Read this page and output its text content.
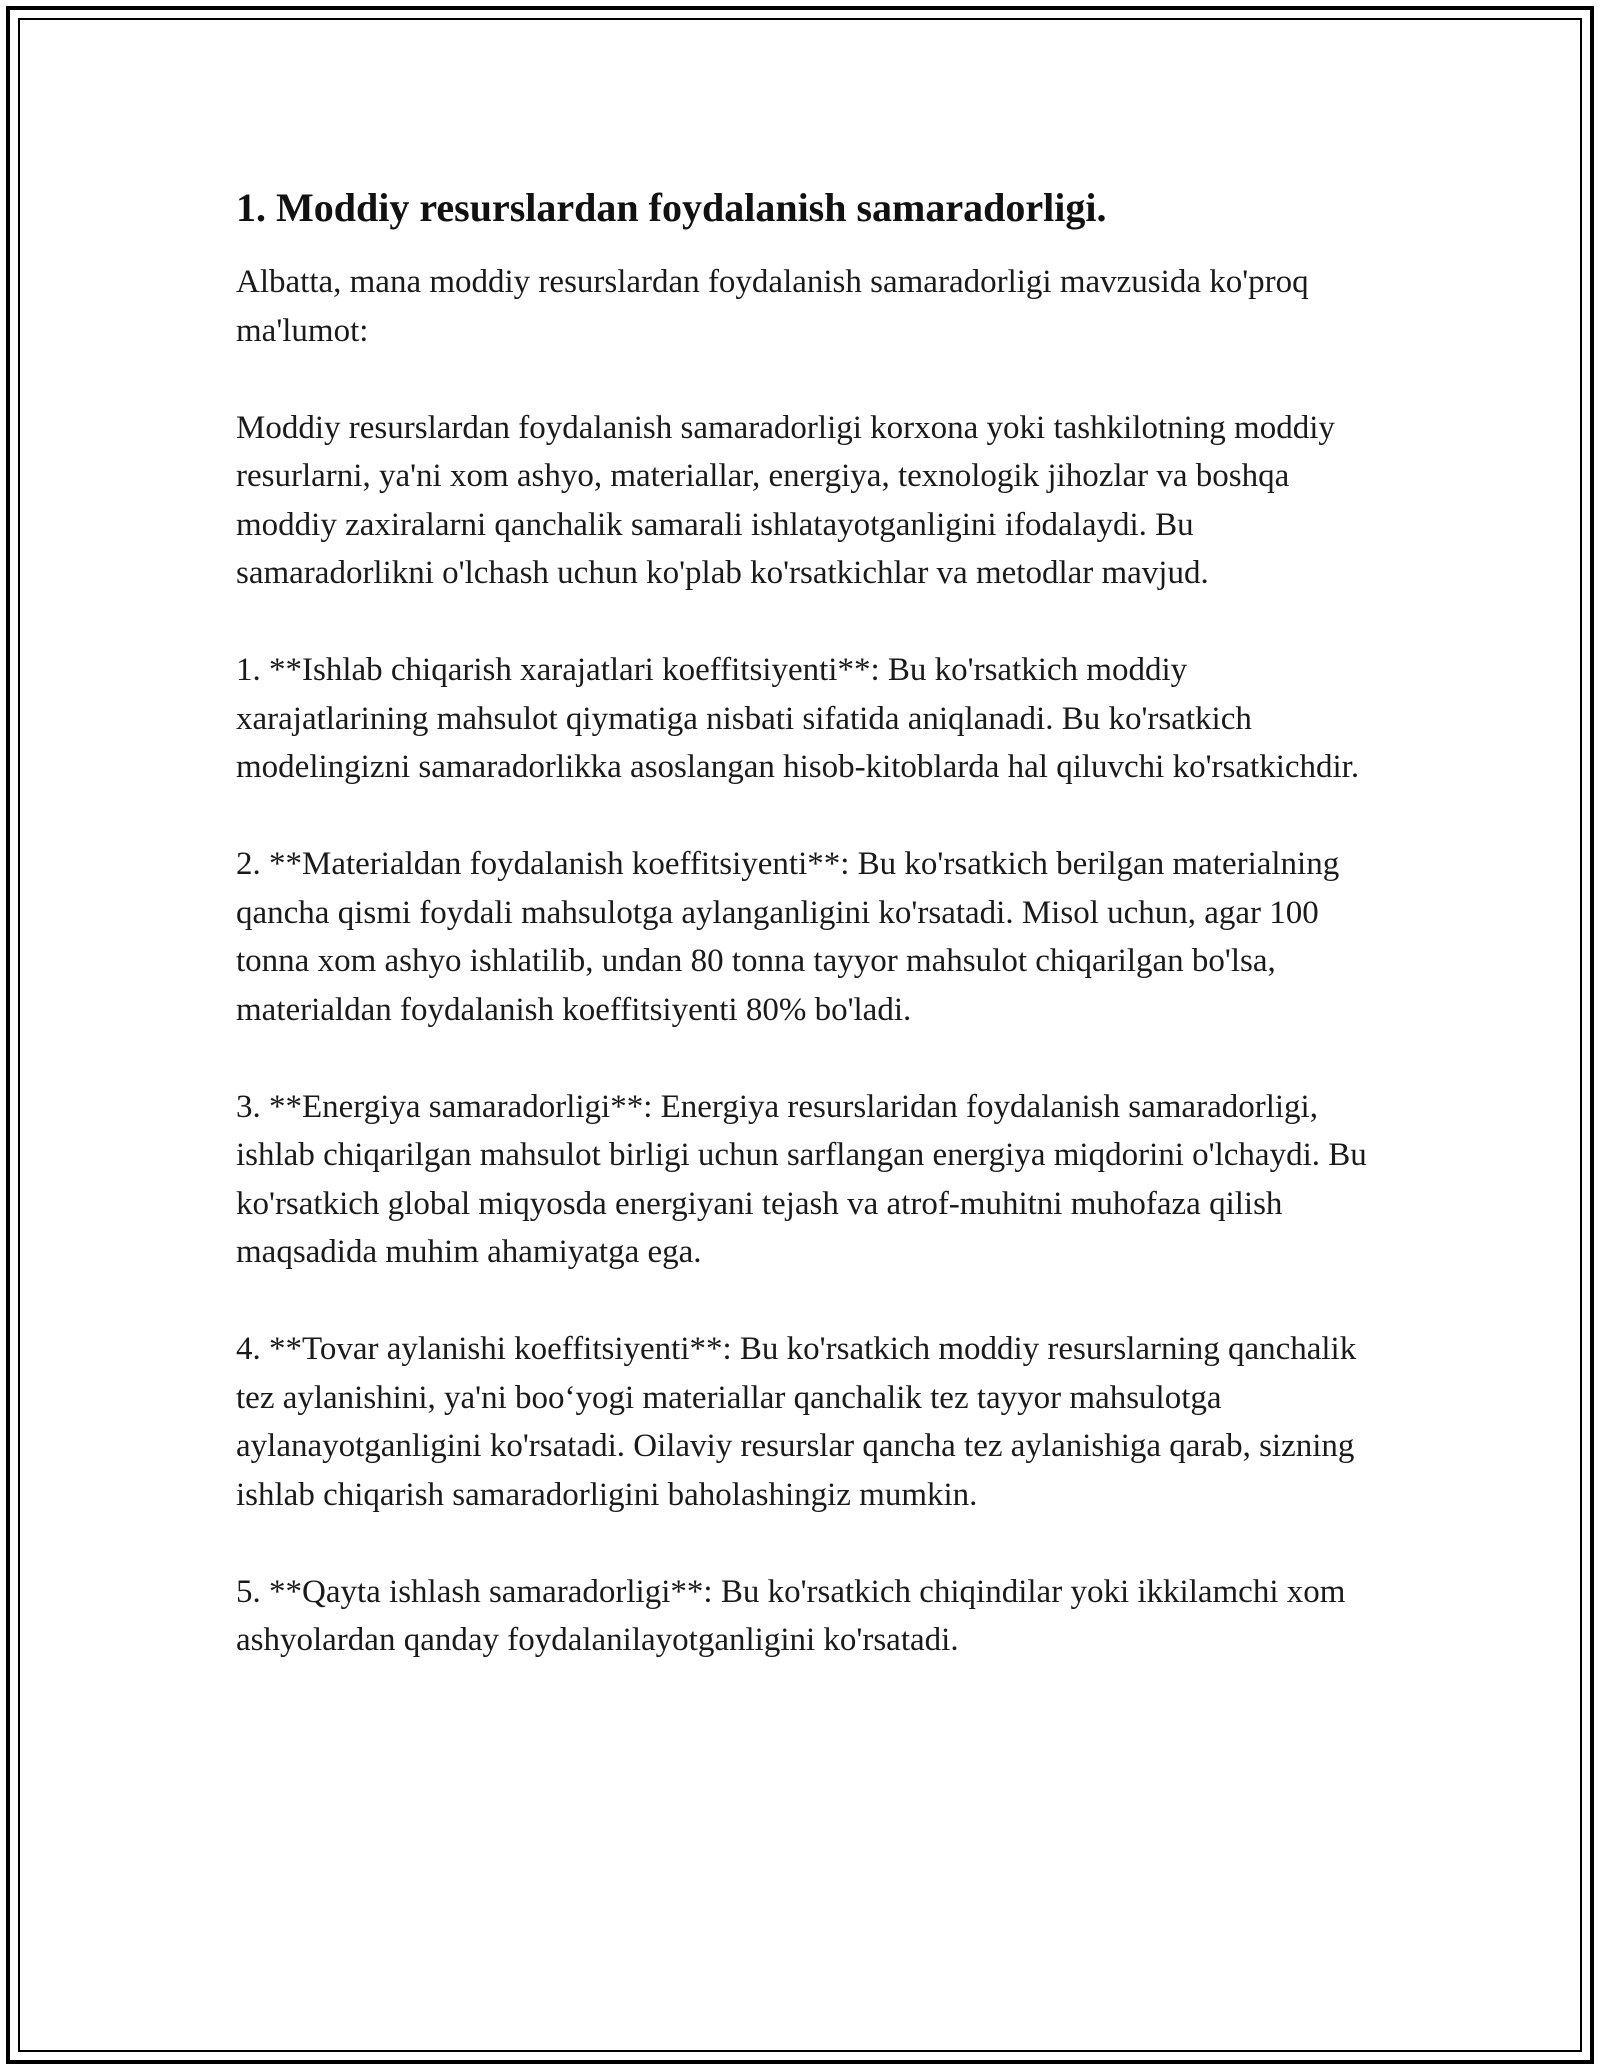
1. Moddiy resurslardan foydalanish samaradorligi.

Albatta, mana moddiy resurslardan foydalanish samaradorligi mavzusida ko'proq ma'lumot:

Moddiy resurslardan foydalanish samaradorligi korxona yoki tashkilotning moddiy resurlarni, ya'ni xom ashyo, materiallar, energiya, texnologik jihozlar va boshqa moddiy zaxiralarni qanchalik samarali ishlatayotganligini ifodalaydi. Bu samaradorlikni o'lchash uchun ko'plab ko'rsatkichlar va metodlar mavjud.

1. **Ishlab chiqarish xarajatlari koeffitsiyenti**: Bu ko'rsatkich moddiy xarajatlarining mahsulot qiymatiga nisbati sifatida aniqlanadi. Bu ko'rsatkich modelingizni samaradorlikka asoslangan hisob-kitoblarda hal qiluvchi ko'rsatkichdir.

2. **Materialdan foydalanish koeffitsiyenti**: Bu ko'rsatkich berilgan materialning qancha qismi foydali mahsulotga aylanganligini ko'rsatadi. Misol uchun, agar 100 tonna xom ashyo ishlatilib, undan 80 tonna tayyor mahsulot chiqarilgan bo'lsa, materialdan foydalanish koeffitsiyenti 80% bo'ladi.

3. **Energiya samaradorligi**: Energiya resurslaridan foydalanish samaradorligi, ishlab chiqarilgan mahsulot birligi uchun sarflangan energiya miqdorini o'lchaydi. Bu ko'rsatkich global miqyosda energiyani tejash va atrof-muhitni muhofaza qilish maqsadida muhim ahamiyatga ega.

4. **Tovar aylanishi koeffitsiyenti**: Bu ko'rsatkich moddiy resurslarning qanchalik tez aylanishini, ya'ni boo‘yogi materiallar qanchalik tez tayyor mahsulotga aylanayotganligini ko'rsatadi. Oilaviy resurslar qancha tez aylanishiga qarab, sizning ishlab chiqarish samaradorligini baholashingiz mumkin.

5. **Qayta ishlash samaradorligi**: Bu ko'rsatkich chiqindilar yoki ikkilamchi xom ashyolardan qanday foydalanilayotganligini ko'rsatadi.
